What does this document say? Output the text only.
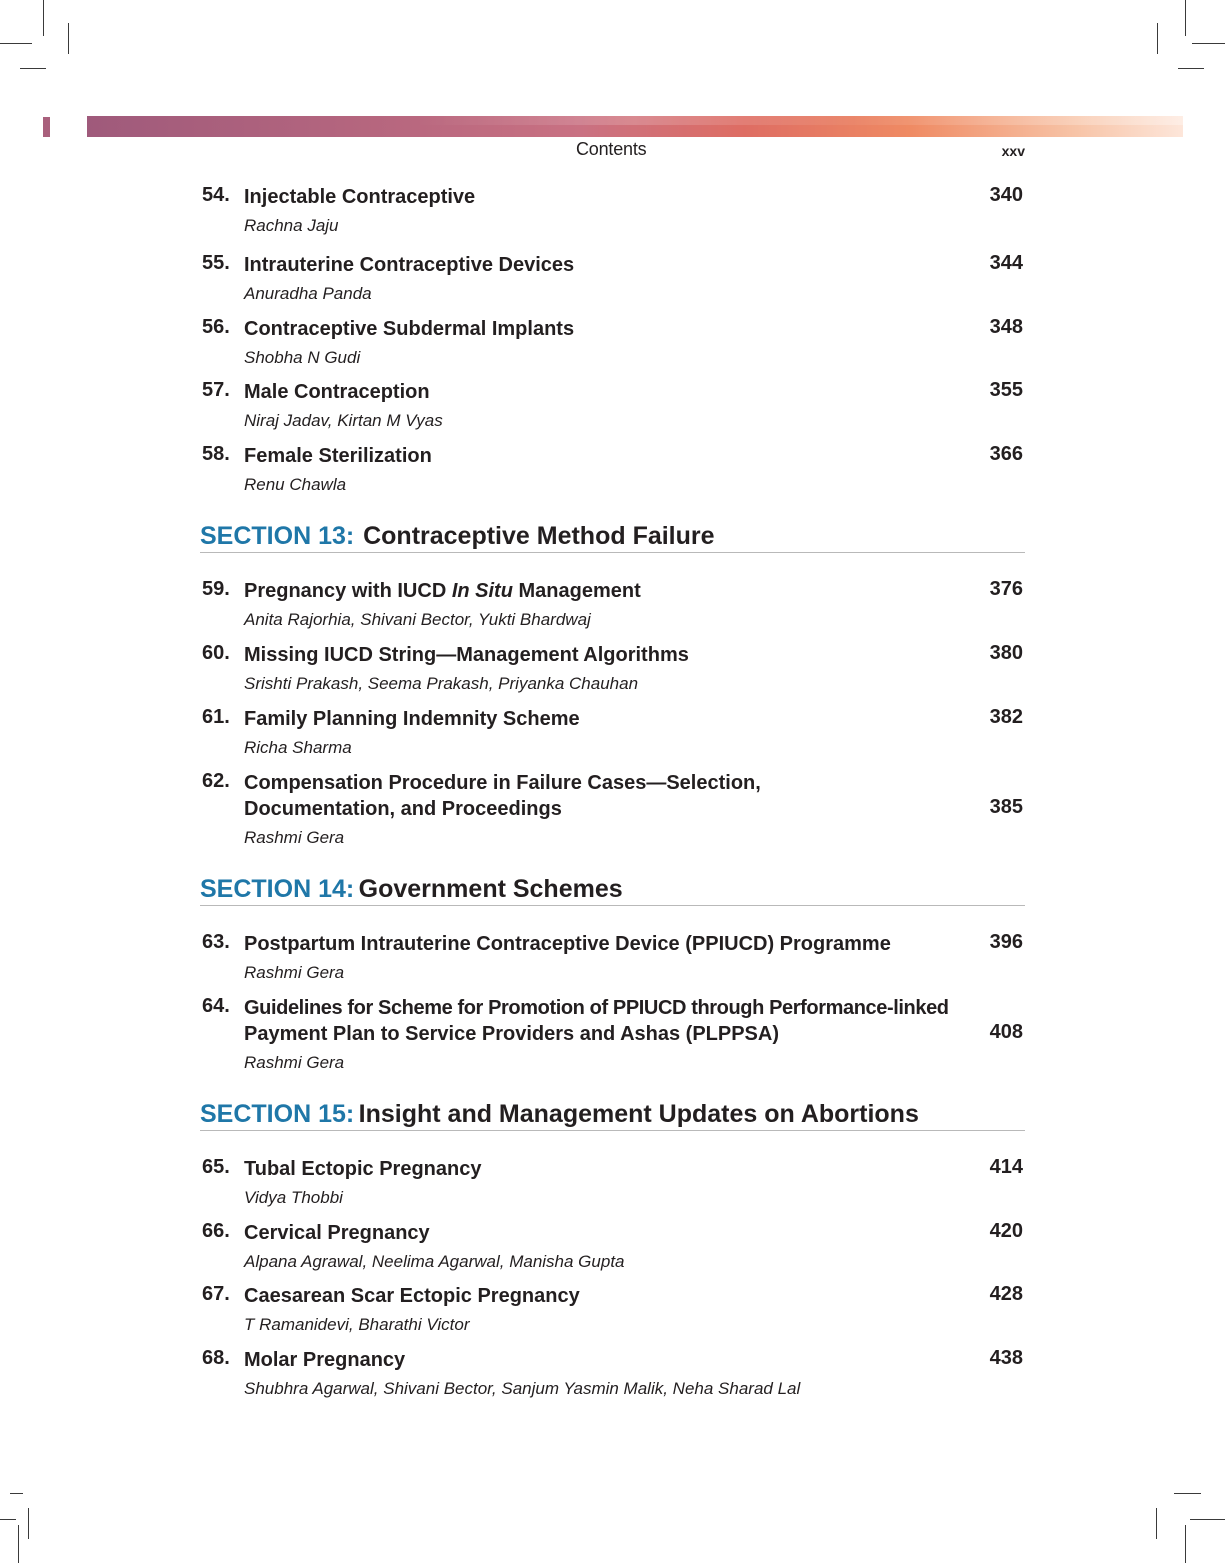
Contents	xxv
54. Injectable Contraceptive	340
Rachna Jaju
55. Intrauterine Contraceptive Devices	344
Anuradha Panda
56. Contraceptive Subdermal Implants	348
Shobha N Gudi
57. Male Contraception	355
Niraj Jadav, Kirtan M Vyas
58. Female Sterilization	366
Renu Chawla
SECTION 13: Contraceptive Method Failure
59. Pregnancy with IUCD In Situ Management	376
Anita Rajorhia, Shivani Bector, Yukti Bhardwaj
60. Missing IUCD String—Management Algorithms	380
Srishti Prakash, Seema Prakash, Priyanka Chauhan
61. Family Planning Indemnity Scheme	382
Richa Sharma
62. Compensation Procedure in Failure Cases—Selection,
Documentation, and Proceedings	385
Rashmi Gera
SECTION 14: Government Schemes
63. Postpartum Intrauterine Contraceptive Device (PPIUCD) Programme	396
Rashmi Gera
64. Guidelines for Scheme for Promotion of PPIUCD through Performance-linked
Payment Plan to Service Providers and Ashas (PLPPSA)	408
Rashmi Gera
SECTION 15: Insight and Management Updates on Abortions
65. Tubal Ectopic Pregnancy	414
Vidya Thobbi
66. Cervical Pregnancy	420
Alpana Agrawal, Neelima Agarwal, Manisha Gupta
67. Caesarean Scar Ectopic Pregnancy	428
T Ramanidevi, Bharathi Victor
68. Molar Pregnancy	438
Shubhra Agarwal, Shivani Bector, Sanjum Yasmin Malik, Neha Sharad Lal
